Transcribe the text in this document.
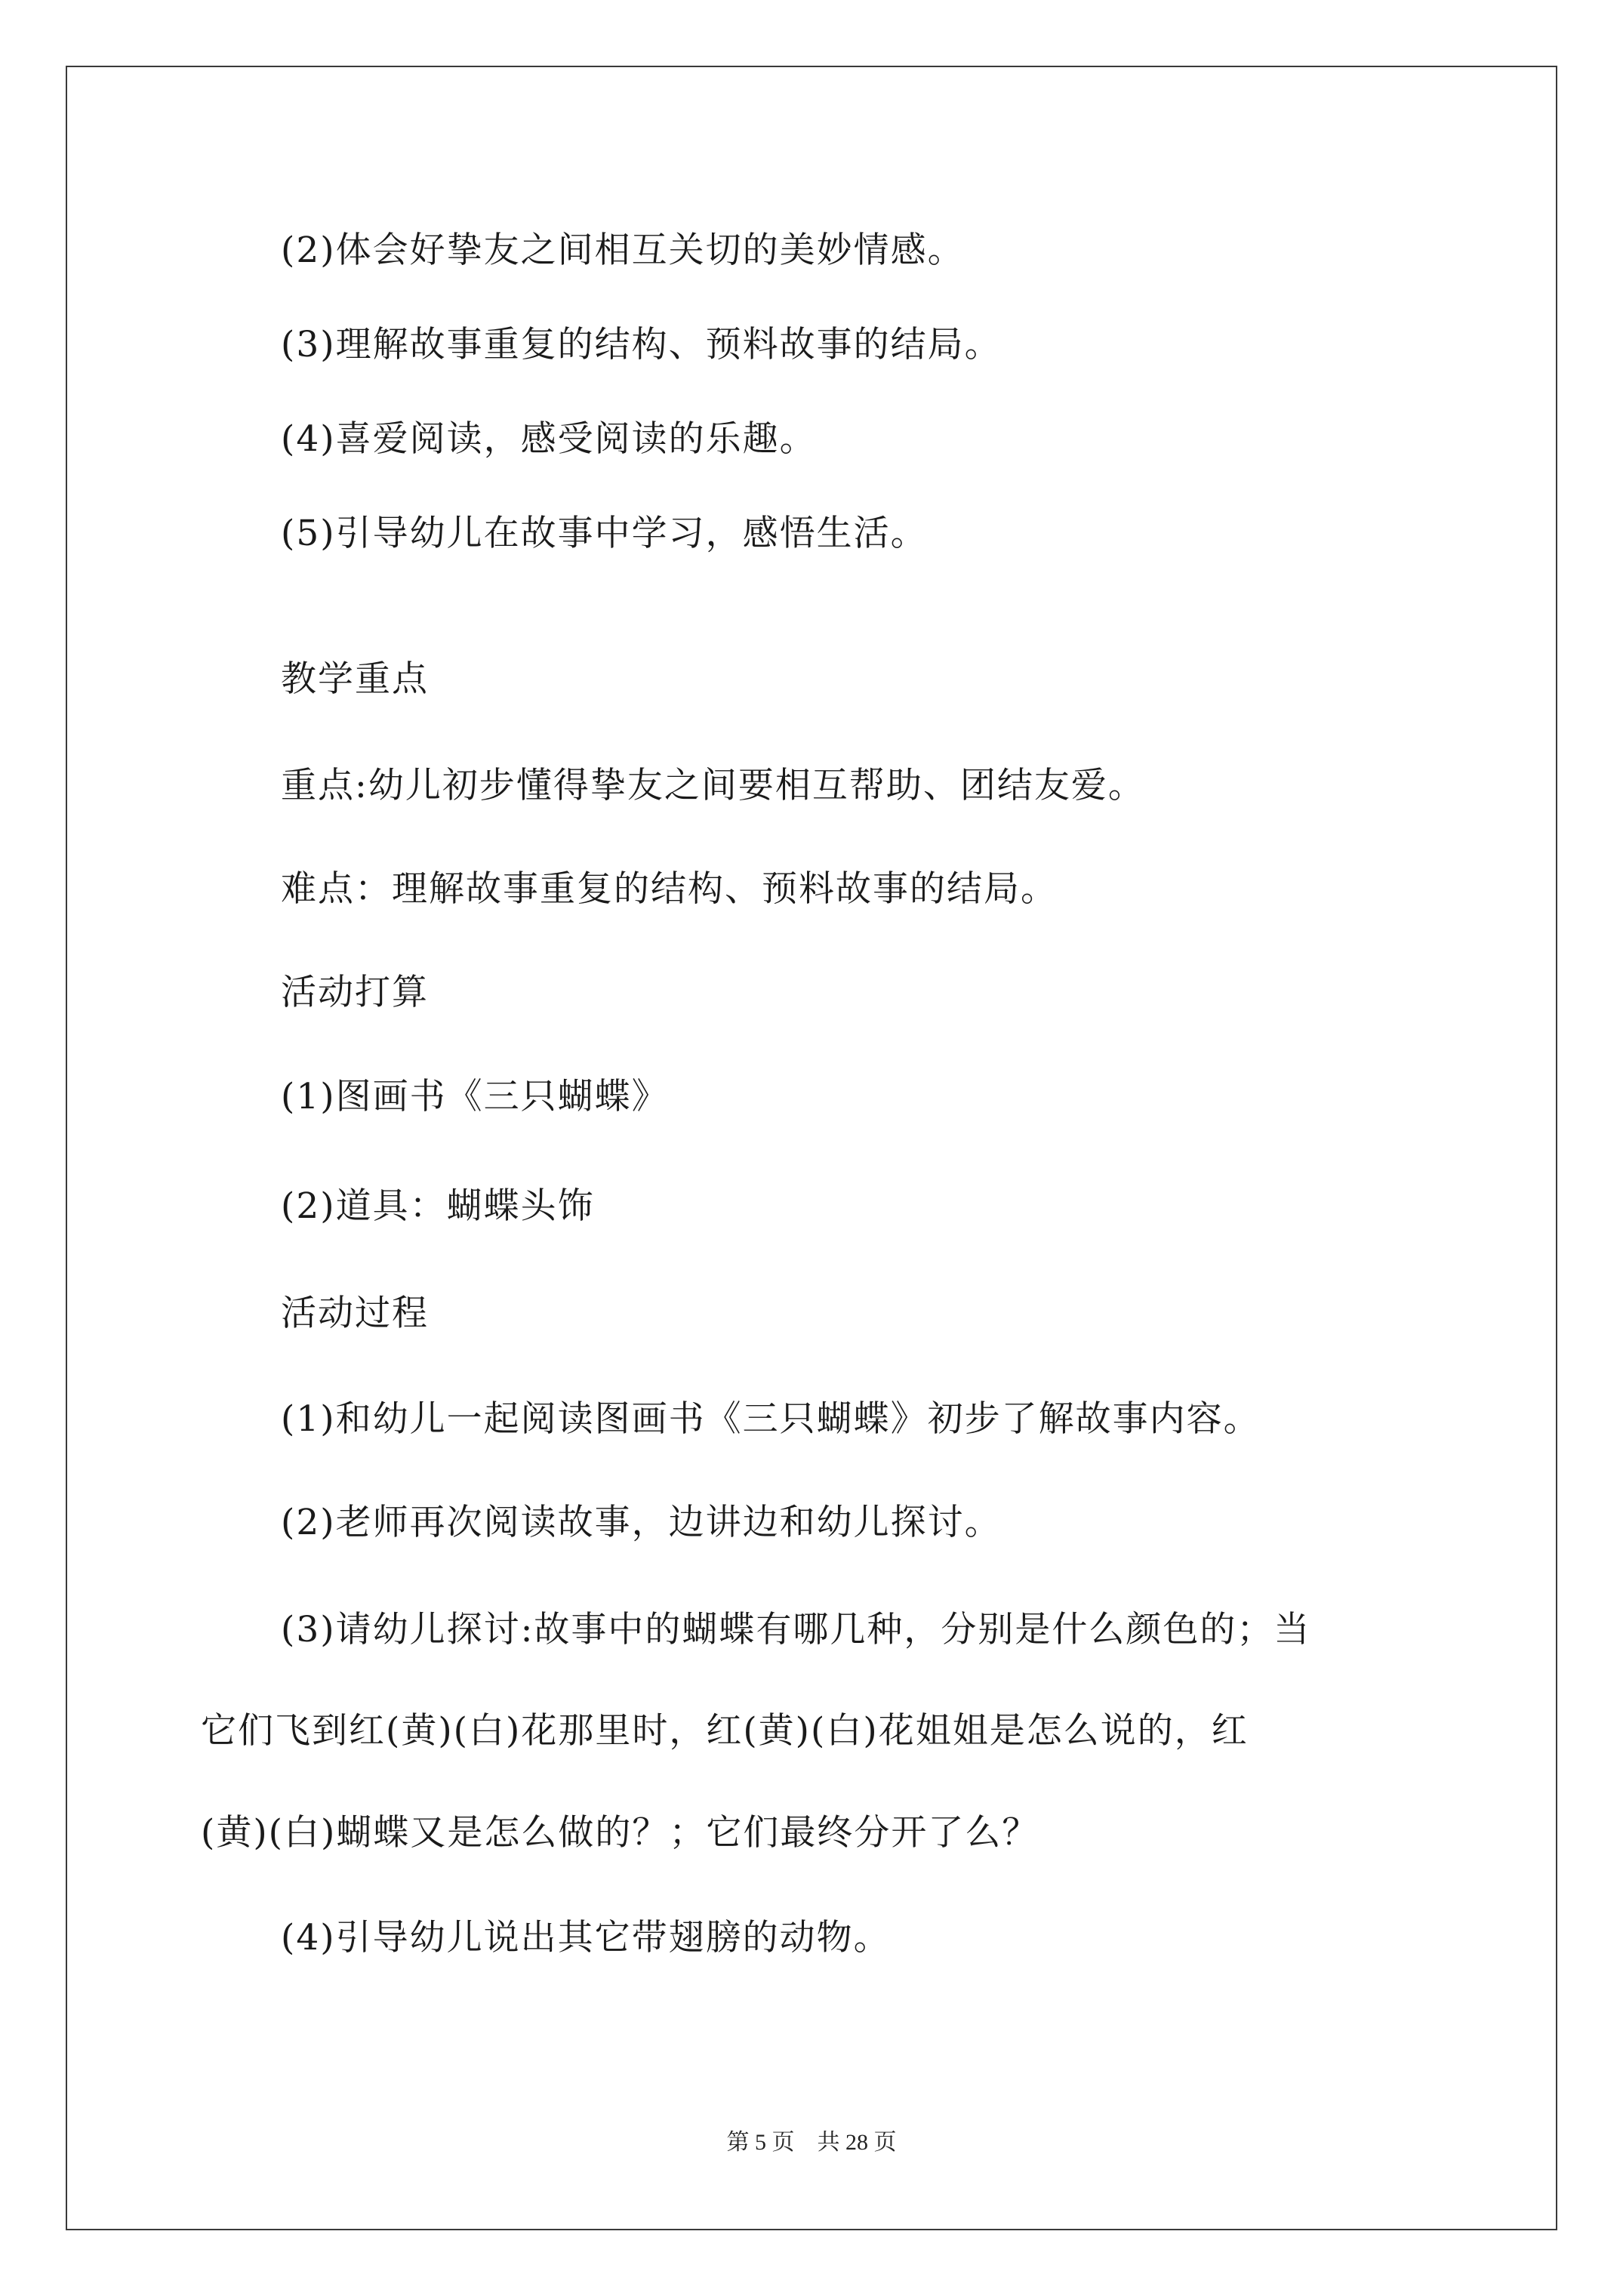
(2)体会好挚友之间相互关切的美妙情感。
(3)理解故事重复的结构、预料故事的结局。
(4)喜爱阅读，感受阅读的乐趣。
(5)引导幼儿在故事中学习，感悟生活。
教学重点
重点:幼儿初步懂得挚友之间要相互帮助、团结友爱。
难点：理解故事重复的结构、预料故事的结局。
活动打算
(1)图画书《三只蝴蝶》
(2)道具：蝴蝶头饰
活动过程
(1)和幼儿一起阅读图画书《三只蝴蝶》初步了解故事内容。
(2)老师再次阅读故事，边讲边和幼儿探讨。
(3)请幼儿探讨:故事中的蝴蝶有哪几种，分别是什么颜色的；当
它们飞到红(黄)(白)花那里时，红(黄)(白)花姐姐是怎么说的，红
(黄)(白)蝴蝶又是怎么做的？；它们最终分开了么？
(4)引导幼儿说出其它带翅膀的动物。
第 5 页　共 28 页
